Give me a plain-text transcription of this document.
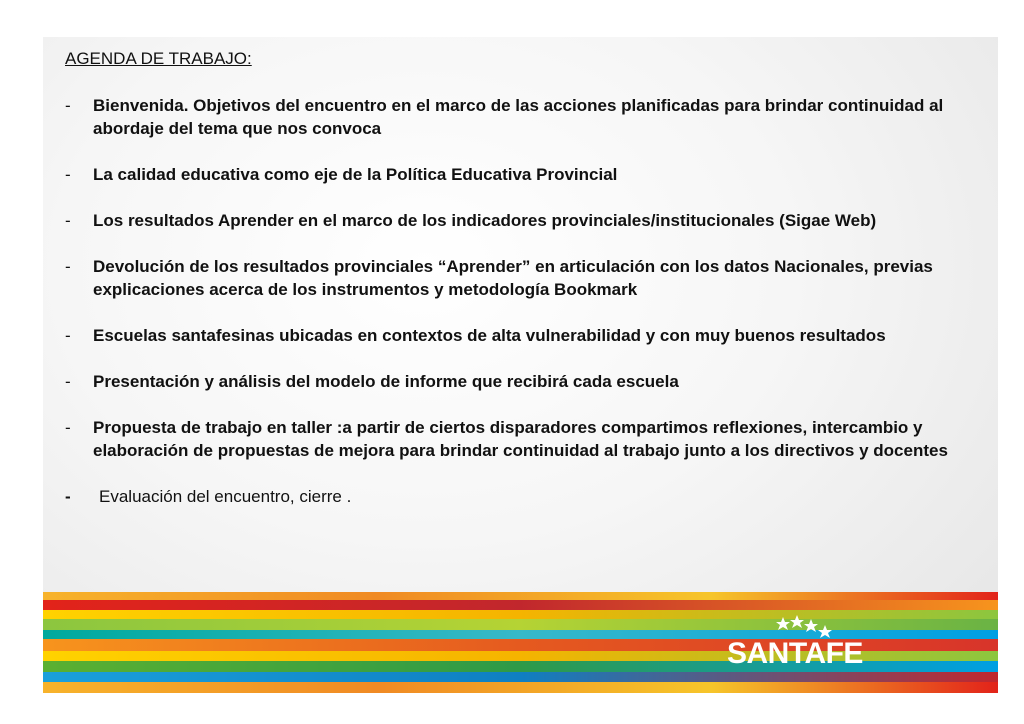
AGENDA DE TRABAJO:
- Bienvenida. Objetivos del encuentro en el marco de las acciones planificadas para brindar continuidad al abordaje del tema que nos convoca
- La calidad educativa como eje de la Política Educativa Provincial
- Los resultados Aprender en el marco de los indicadores provinciales/institucionales (Sigae Web)
- Devolución de los resultados provinciales “Aprender” en articulación con los datos Nacionales, previas explicaciones acerca de los instrumentos y metodología Bookmark
- Escuelas santafesinas ubicadas en contextos de alta vulnerabilidad y con muy buenos resultados
- Presentación y análisis del modelo de informe que recibirá cada escuela
- Propuesta de trabajo en taller :a partir de ciertos disparadores compartimos reflexiones, intercambio y elaboración de propuestas de mejora para brindar continuidad al trabajo junto a los directivos y docentes
- Evaluación del encuentro, cierre .
SANTAFE
